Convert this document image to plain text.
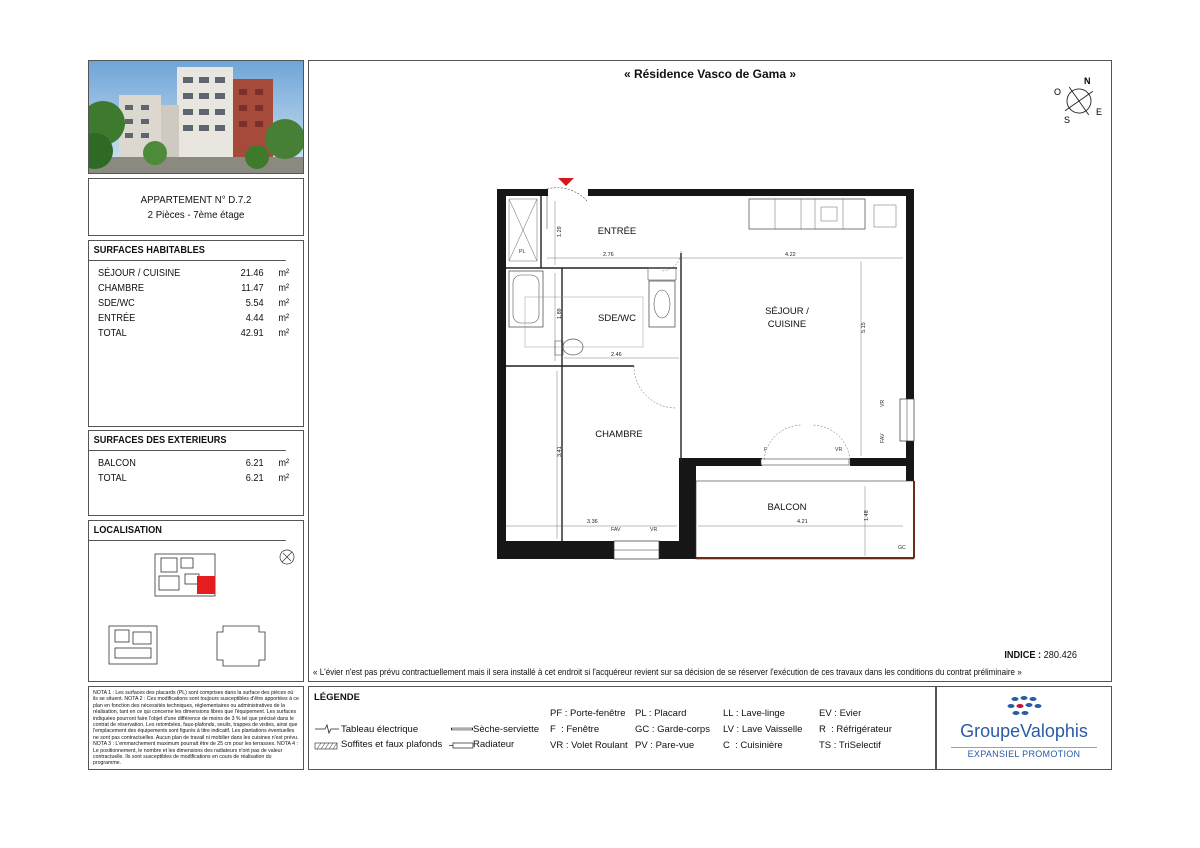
APPARTEMENT N° D.7.2
2 Pièces - 7ème étage
SURFACES HABITABLES
SÉJOUR / CUISINE	21.46 m²
CHAMBRE	11.47 m²
SDE/WC	5.54 m²
ENTRÉE	4.44 m²
TOTAL	42.91 m²
SURFACES DES EXTERIEURS
BALCON	6.21 m²
TOTAL	6.21 m²
LOCALISATION
NOTA 1 : Les surfaces des placards (PL) sont comprises dans la surface des pièces où ils se situent. NOTA 2 : Ces modifications sont toujours susceptibles d'être apportées à ce plan en fonction des nécessités techniques, réglementaires ou administratives de la réalisation, tant en ce qui concerne les dimensions libres que l'équipement. Les surfaces indiquées pourront faire l'objet d'une différence de moins de 3 % tel que précisé dans le contrat de réservation. Les retombées, faux-plafonds, seuils, trappes de visites, ainsi que l'emplacement des équipements sont figurés à titre indicatif. Les plantations éventuelles ne sont pas contractuelles. Aucun plan de travail ni mobilier dans les cuisines n'est prévu. NOTA 3 : L'emmarchement maximum pourrait être de 25 cm pour les terrasses. NOTA 4 : Le positionnement, le nombre et les dimensions des radiateurs n'ont pas de valeur contractuelle. Ils sont susceptibles de modifications en cours de réalisation du programme.
« Résidence Vasco de Gama »	N
O
S
E
ENTRÉE
SDE/WC
SÉJOUR /
CUISINE
CHAMBRE
BALCON
1.29
2.76	4.22
1.89
2.46
5.15
3.41
3.36	4.21
1.48
PL
F	VR
FAV	VR
FAV
VR
GC
INDICE : 280.426
« L'évier n'est pas prévu contractuellement mais il sera installé à cet endroit si l'acquéreur revient sur sa décision de se réserver l'exécution de ces travaux dans les conditions du contrat préliminaire »
LÉGENDE
Tableau électrique	Sèche-serviette
Soffites et faux plafonds	Radiateur
PF : Porte-fenêtre PL : Placard	LL : Lave-linge	EV : Evier
F  : Fenêtre	GC : Garde-corps LV : Lave Vaisselle R  : Réfrigérateur
VR : Volet Roulant PV : Pare-vue	C  : Cuisinière	TS : TriSelectif
GroupeValophis
EXPANSIEL PROMOTION
